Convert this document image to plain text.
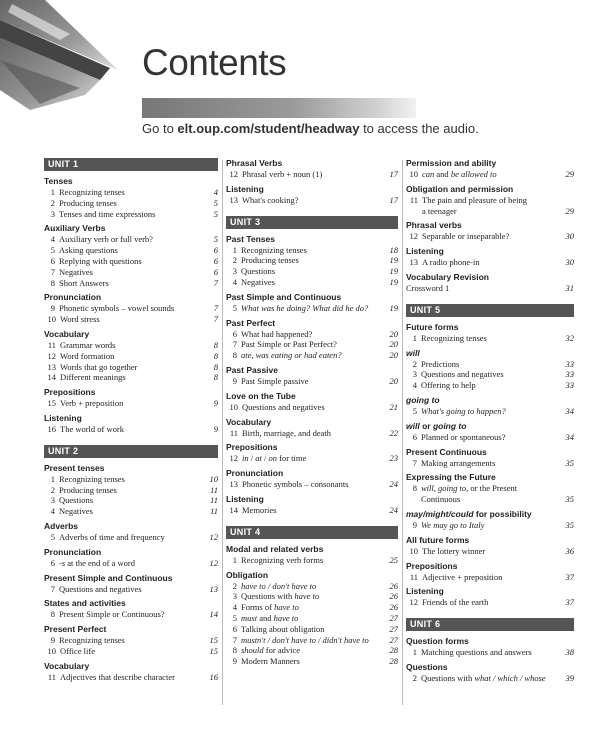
Contents
Go to elt.oup.com/student/headway to access the audio.
UNIT 1
Tenses
1 Recognizing tenses	4
2 Producing tenses	5
3 Tenses and time expressions	5
Auxiliary Verbs
4 Auxiliary verb or full verb?	5
5 Asking questions	6
6 Replying with questions	6
7 Negatives	6
8 Short Answers	7
Pronunciation
9 Phonetic symbols – vowel sounds	7
10 Word stress	7
Vocabulary
11 Grammar words	8
12 Word formation	8
13 Words that go together	8
14 Different meanings	8
Prepositions
15 Verb + preposition	9
Listening
16 The world of work	9
UNIT 2
Present tenses
1 Recognizing tenses	10
2 Producing tenses	11
3 Questions	11
4 Negatives	11
Adverbs
5 Adverbs of time and frequency	12
Pronunciation
6 -s at the end of a word	12
Present Simple and Continuous
7 Questions and negatives	13
States and activities
8 Present Simple or Continuous?	14
Present Perfect
9 Recognizing tenses	15
10 Office life	15
Vocabulary
11 Adjectives that describe character	16
Phrasal Verbs
12 Phrasal verb + noun (1)	17
Listening
13 What's cooking?	17
UNIT 3
Past Tenses
1 Recognizing tenses	18
2 Producing tenses	19
3 Questions	19
4 Negatives	19
Past Simple and Continuous
5 What was he doing? What did he do?	19
Past Perfect
6 What had happened?	20
7 Past Simple or Past Perfect?	20
8 ate, was eating or had eaten?	20
Past Passive
9 Past Simple passive	20
Love on the Tube
10 Questions and negatives	21
Vocabulary
11 Birth, marriage, and death	22
Prepositions
12 in / at / on for time	23
Pronunciation
13 Phonetic symbols – consonants	24
Listening
14 Memories	24
UNIT 4
Modal and related verbs
1 Recognizing verb forms	25
Obligation
2 have to / don't have to	26
3 Questions with have to	26
4 Forms of have to	26
5 must and have to	27
6 Talking about obligation	27
7 mustn't / don't have to / didn't have to	27
8 should for advice	28
9 Modern Manners	28
Permission and ability
10 can and be allowed to	29
Obligation and permission
11 The pain and pleasure of being
a teenager	29
Phrasal verbs
12 Separable or inseparable?	30
Listening
13 A radio phone-in	30
Vocabulary Revision
Crossword 1	31
UNIT 5
Future forms
1 Recognizing tenses	32
will
2 Predictions	33
3 Questions and negatives	33
4 Offering to help	33
going to
5 What's going to happen?	34
will or going to
6 Planned or spontaneous?	34
Present Continuous
7 Making arrangements	35
Expressing the Future
8 will, going to, or the Present
Continuous	35
may/might/could for possibility
9 We may go to Italy	35
All future forms
10 The lottery winner	36
Prepositions
11 Adjective + preposition	37
Listening
12 Friends of the earth	37
UNIT 6
Question forms
1 Matching questions and answers	38
Questions
2 Questions with what / which / whose	39
